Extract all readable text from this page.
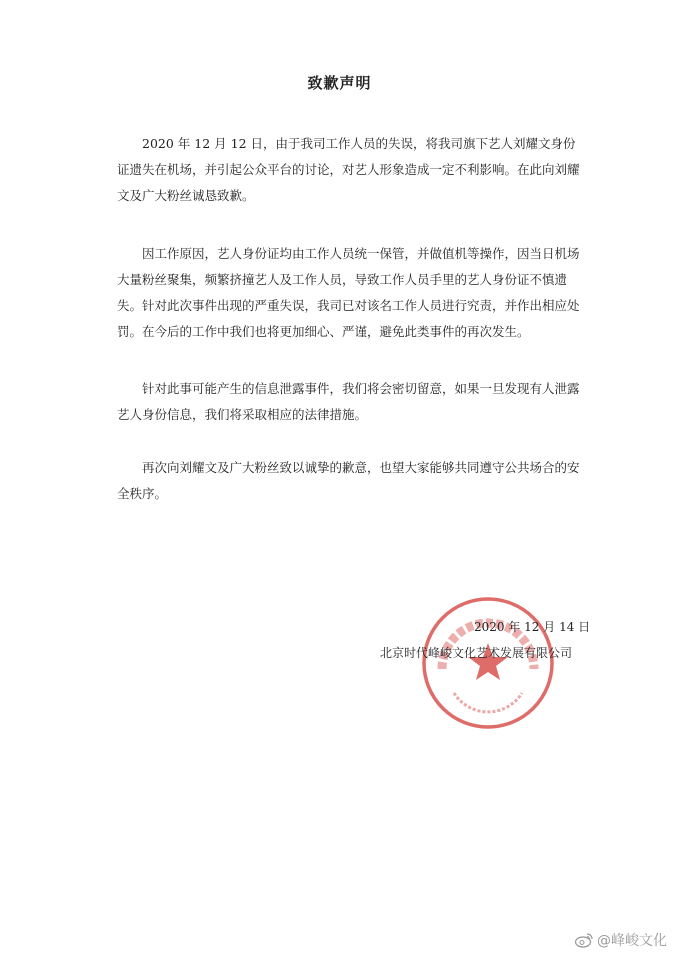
致歉声明

2020 年 12 月 12 日，由于我司工作人员的失误，将我司旗下艺人刘耀文身份证遗失在机场，并引起公众平台的讨论，对艺人形象造成一定不利影响。在此向刘耀文及广大粉丝诚恳致歉。

因工作原因，艺人身份证均由工作人员统一保管，并做值机等操作，因当日机场大量粉丝聚集，频繁挤撞艺人及工作人员，导致工作人员手里的艺人身份证不慎遗失。针对此次事件出现的严重失误，我司已对该名工作人员进行究责，并作出相应处罚。在今后的工作中我们也将更加细心、严谨，避免此类事件的再次发生。

针对此事可能产生的信息泄露事件，我们将会密切留意，如果一旦发现有人泄露艺人身份信息，我们将采取相应的法律措施。

再次向刘耀文及广大粉丝致以诚挚的歉意，也望大家能够共同遵守公共场合的安全秩序。

2020 年 12 月 14 日
北京时代峰峻文化艺术发展有限公司
@峰峻文化
